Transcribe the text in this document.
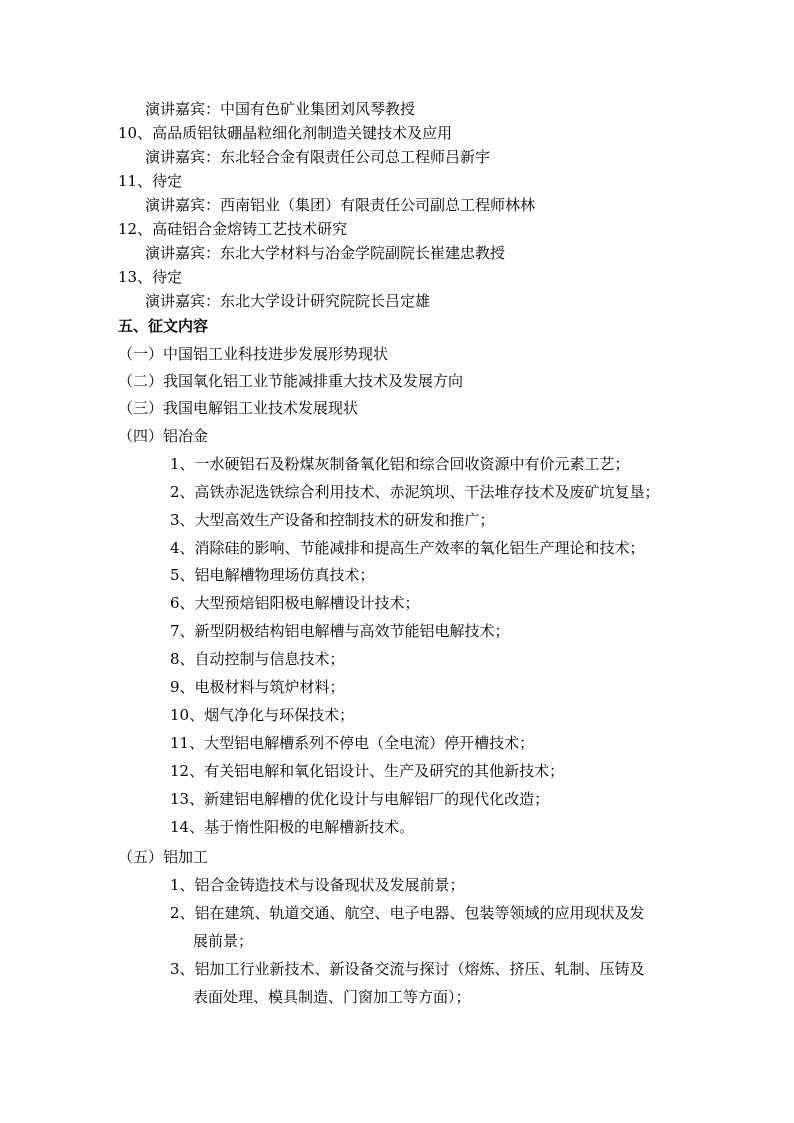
演讲嘉宾：中国有色矿业集团刘风琴教授
10、高品质铝钛硼晶粒细化剂制造关键技术及应用
演讲嘉宾：东北轻合金有限责任公司总工程师吕新宇
11、待定
演讲嘉宾：西南铝业（集团）有限责任公司副总工程师林林
12、高硅铝合金熔铸工艺技术研究
演讲嘉宾：东北大学材料与冶金学院副院长崔建忠教授
13、待定
演讲嘉宾：东北大学设计研究院院长吕定雄
五、征文内容
（一）中国铝工业科技进步发展形势现状
（二）我国氧化铝工业节能减排重大技术及发展方向
（三）我国电解铝工业技术发展现状
（四）铝冶金
1、一水硬铝石及粉煤灰制备氧化铝和综合回收资源中有价元素工艺；
2、高铁赤泥选铁综合利用技术、赤泥筑坝、干法堆存技术及废矿坑复垦；
3、大型高效生产设备和控制技术的研发和推广；
4、消除硅的影响、节能减排和提高生产效率的氧化铝生产理论和技术；
5、铝电解槽物理场仿真技术；
6、大型预焙铝阳极电解槽设计技术；
7、新型阴极结构铝电解槽与高效节能铝电解技术；
8、自动控制与信息技术；
9、电极材料与筑炉材料；
10、烟气净化与环保技术；
11、大型铝电解槽系列不停电（全电流）停开槽技术；
12、有关铝电解和氧化铝设计、生产及研究的其他新技术；
13、新建铝电解槽的优化设计与电解铝厂的现代化改造；
14、基于惰性阳极的电解槽新技术。
（五）铝加工
1、铝合金铸造技术与设备现状及发展前景；
2、铝在建筑、轨道交通、航空、电子电器、包装等领域的应用现状及发
展前景；
3、铝加工行业新技术、新设备交流与探讨（熔炼、挤压、轧制、压铸及
表面处理、模具制造、门窗加工等方面）；
